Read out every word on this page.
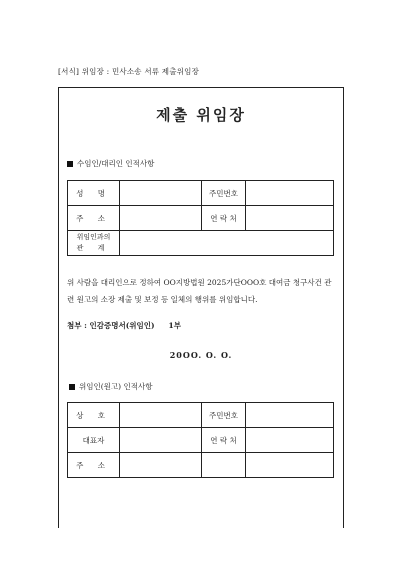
[서식] 위임장 : 민사소송 서류 제출위임장
제출 위임장
수임인/대리인 인적사항
성 명		주민번호	
주 소		연 락 처	

위임인과의
관 계			

위 사람을 대리인으로 정하여 OO지방법원 2025가단OOO호 대여금 청구사건 관련 원고의 소장 제출 및 보정 등 일체의 행위를 위임합니다.
첨부 : 인감증명서(위임인) 1부
20OO. O. O.
위임인(원고) 인적사항
상 호		주민번호	
대표자		연 락 처	
주 소			
